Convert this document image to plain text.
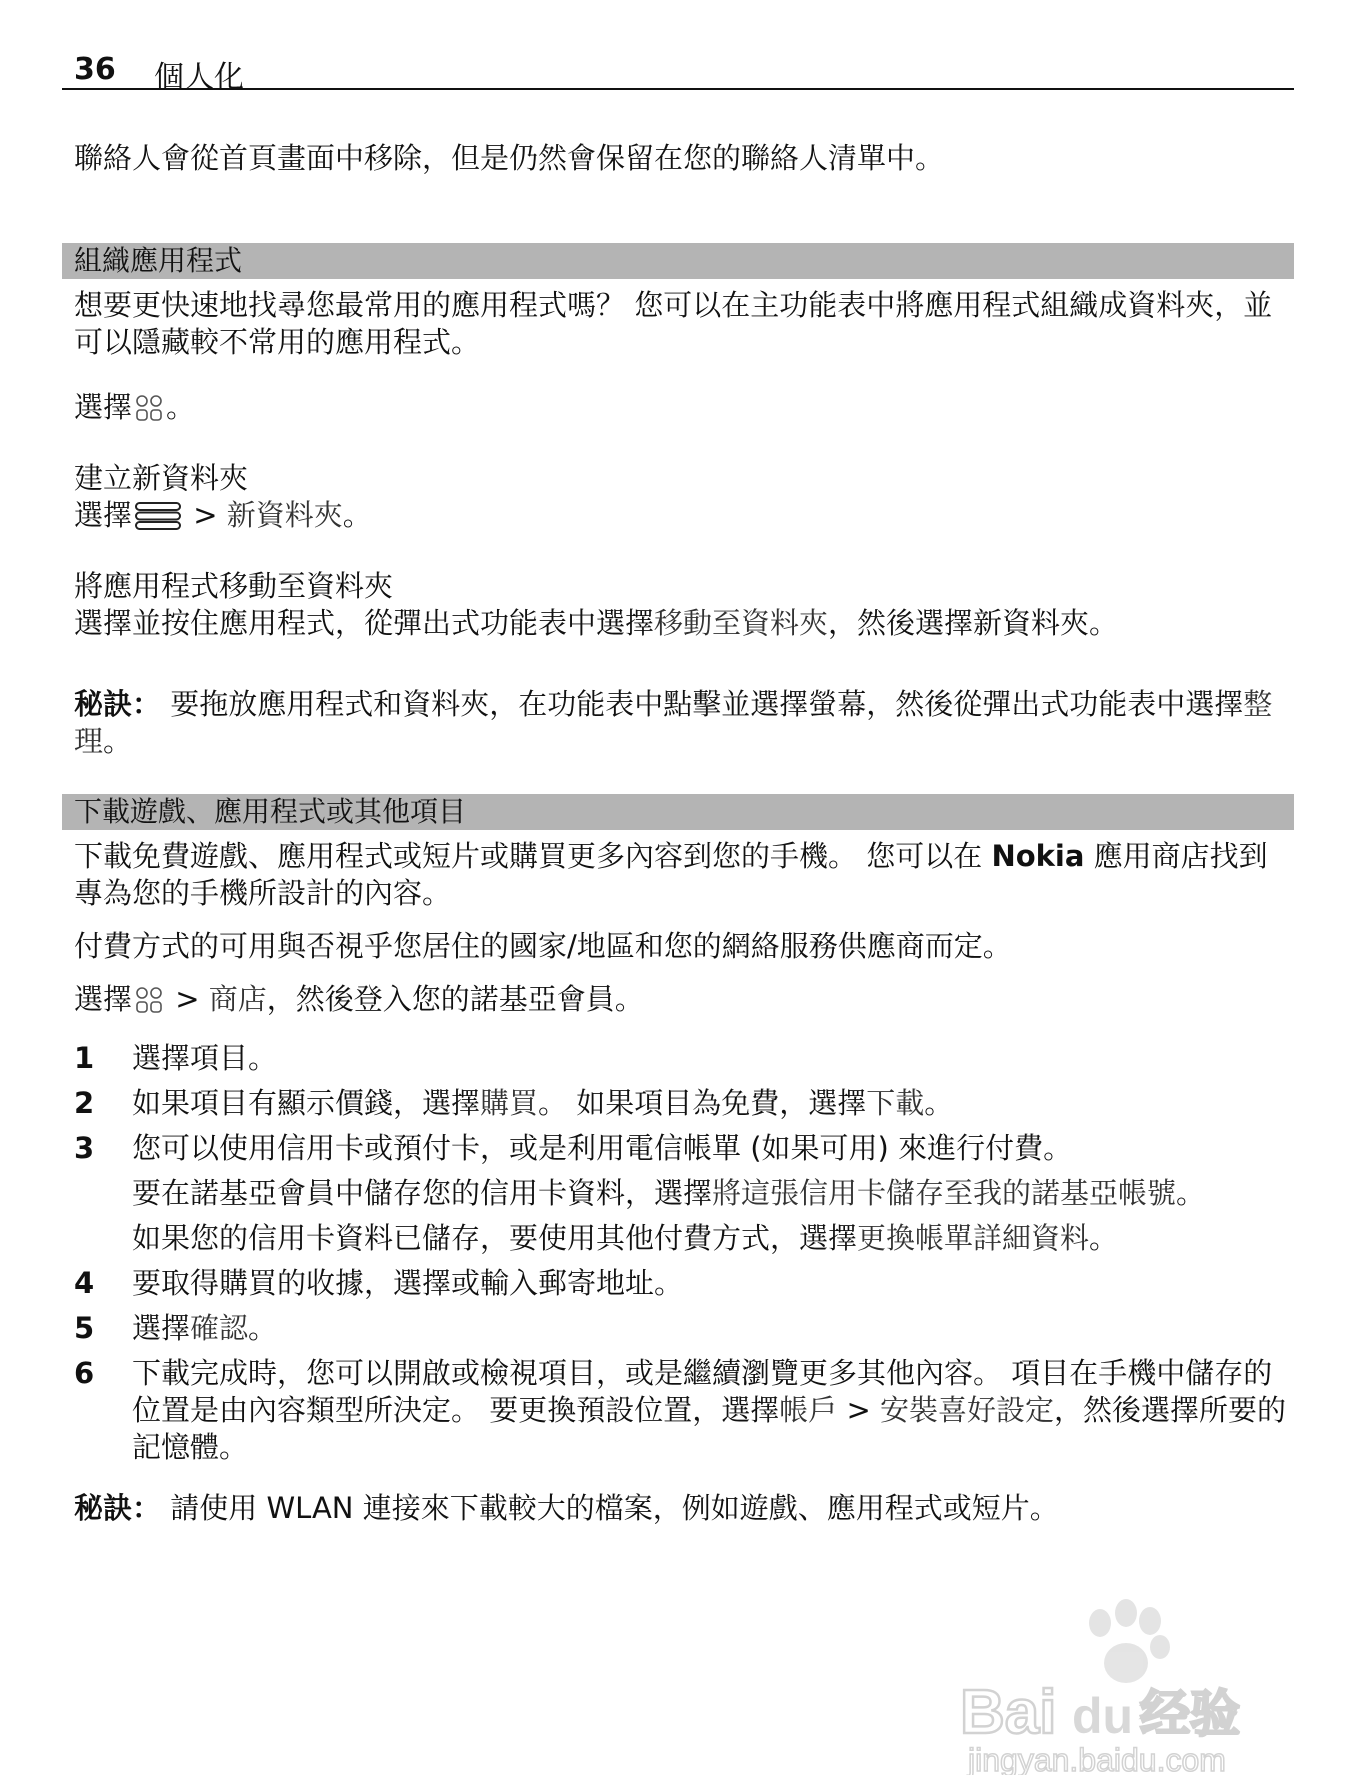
36 個人化

聯絡人會從首頁畫面中移除，但是仍然會保留在您的聯絡人清單中。

組織應用程式

想要更快速地找尋您最常用的應用程式嗎？ 您可以在主功能表中將應用程式組織成資料夾，並可以隱藏較不常用的應用程式。

選擇 。

建立新資料夾

選擇 > 新資料夾。

將應用程式移動至資料夾

選擇並按住應用程式，從彈出式功能表中選擇移動至資料夾，然後選擇新資料夾。

秘訣： 要拖放應用程式和資料夾，在功能表中點擊並選擇螢幕，然後從彈出式功能表中選擇整理。

下載遊戲、應用程式或其他項目

下載免費遊戲、應用程式或短片或購買更多內容到您的手機。 您可以在 Nokia 應用商店找到專為您的手機所設計的內容。

付費方式的可用與否視乎您居住的國家/地區和您的網絡服務供應商而定。

選擇 > 商店，然後登入您的諾基亞會員。

1 選擇項目。
2 如果項目有顯示價錢，選擇購買。 如果項目為免費，選擇下載。
3 您可以使用信用卡或預付卡，或是利用電信帳單 (如果可用) 來進行付費。
要在諾基亞會員中儲存您的信用卡資料，選擇將這張信用卡儲存至我的諾基亞帳號。
如果您的信用卡資料已儲存，要使用其他付費方式，選擇更換帳單詳細資料。
4 要取得購買的收據，選擇或輸入郵寄地址。
5 選擇確認。
6 下載完成時，您可以開啟或檢視項目，或是繼續瀏覽更多其他內容。 項目在手機中儲存的位置是由內容類型所決定。 要更換預設位置，選擇帳戶 > 安裝喜好設定，然後選擇所要的記憶體。

秘訣： 請使用 WLAN 連接來下載較大的檔案，例如遊戲、應用程式或短片。

Bai du 经验
jingyan.baidu.com
